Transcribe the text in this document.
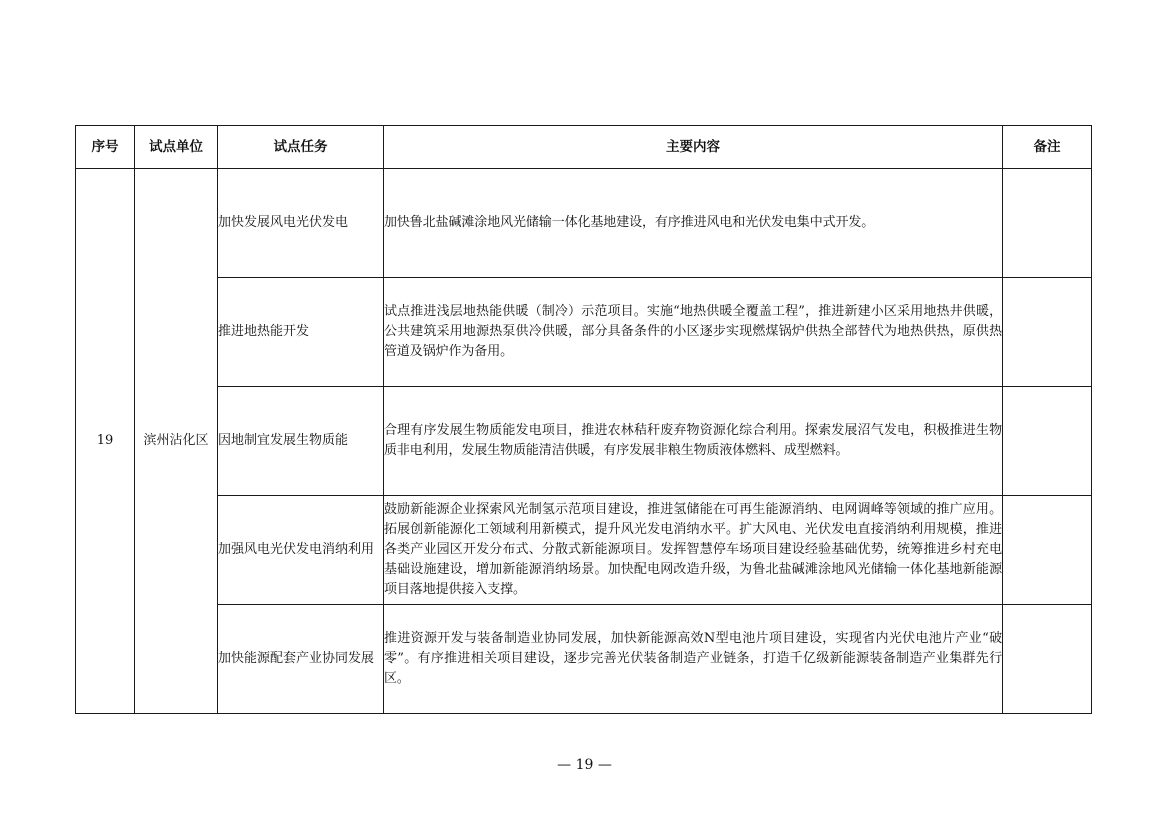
序号	试点单位	试点任务	主要内容	备注
19	滨州沾化区	加快发展风电光伏发电	加快鲁北盐碱滩涂地风光储输一体化基地建设，有序推进风电和光伏发电集中式开发。	
		推进地热能开发	试点推进浅层地热能供暖（制冷）示范项目。实施“地热供暖全覆盖工程”，推进新建小区采用地热井供暖，公共建筑采用地源热泵供冷供暖，部分具备条件的小区逐步实现燃煤锅炉供热全部替代为地热供热，原供热管道及锅炉作为备用。	
		因地制宜发展生物质能	合理有序发展生物质能发电项目，推进农林秸秆废弃物资源化综合利用。探索发展沼气发电，积极推进生物质非电利用，发展生物质能清洁供暖，有序发展非粮生物质液体燃料、成型燃料。	
		加强风电光伏发电消纳利用	鼓励新能源企业探索风光制氢示范项目建设，推进氢储能在可再生能源消纳、电网调峰等领域的推广应用。拓展创新能源化工领域利用新模式，提升风光发电消纳水平。扩大风电、光伏发电直接消纳利用规模，推进各类产业园区开发分布式、分散式新能源项目。发挥智慧停车场项目建设经验基础优势，统筹推进乡村充电基础设施建设，增加新能源消纳场景。加快配电网改造升级，为鲁北盐碱滩涂地风光储输一体化基地新能源项目落地提供接入支撑。	
		加快能源配套产业协同发展	推进资源开发与装备制造业协同发展，加快新能源高效N型电池片项目建设，实现省内光伏电池片产业“破零”。有序推进相关项目建设，逐步完善光伏装备制造产业链条，打造千亿级新能源装备制造产业集群先行区。	
— 19 —
